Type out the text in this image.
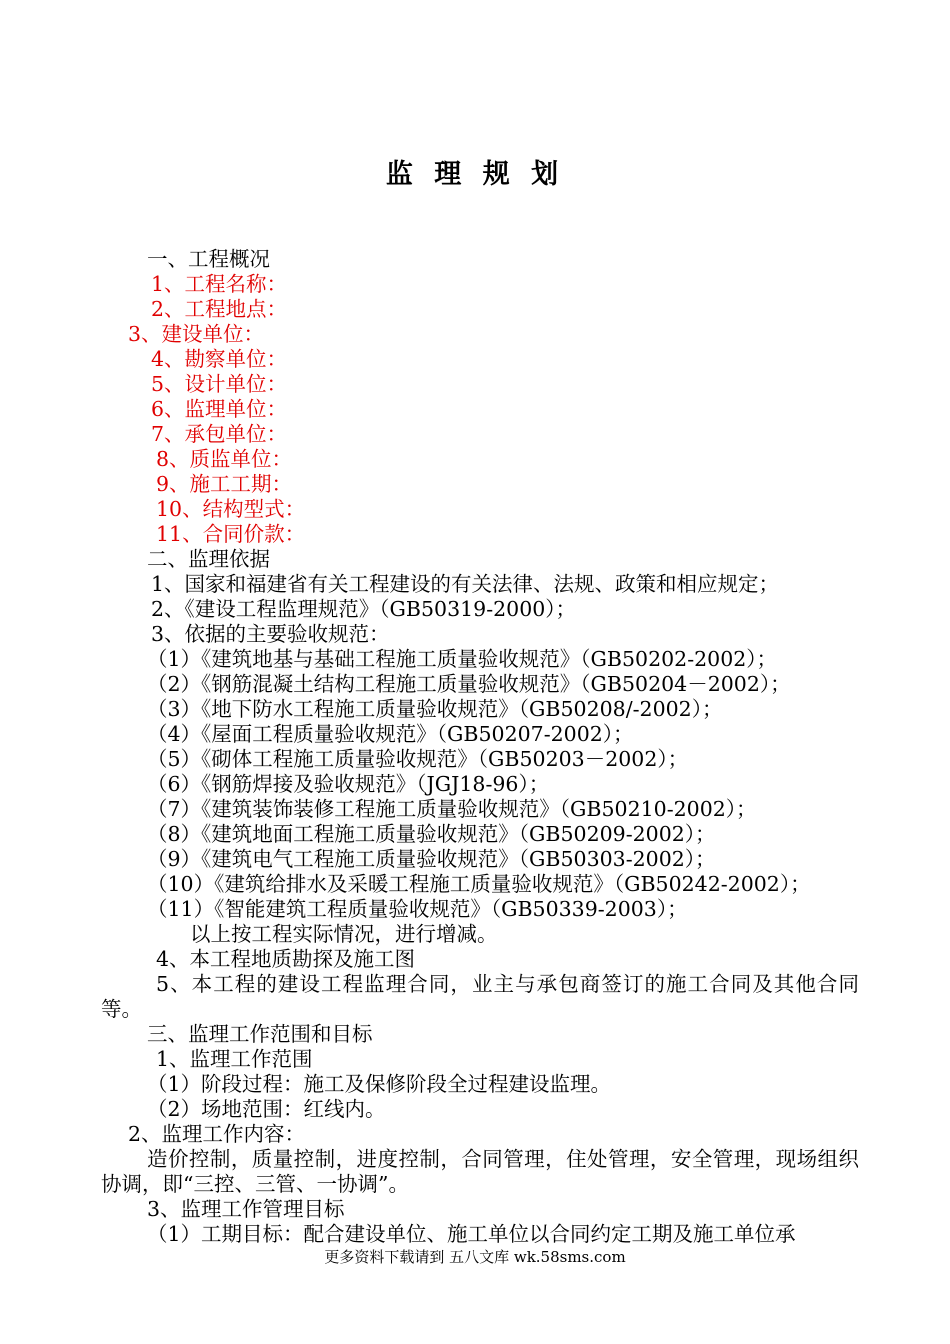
监 理 规 划
一、工程概况
1、工程名称：
2、工程地点：
3、建设单位：
4、勘察单位：
5、设计单位：
6、监理单位：
7、承包单位：
8、质监单位：
9、施工工期：
10、结构型式：
11、合同价款：
二、监理依据
1、国家和福建省有关工程建设的有关法律、法规、政策和相应规定；
2、《建设工程监理规范》（GB50319-2000）；
3、依据的主要验收规范：
（1）《建筑地基与基础工程施工质量验收规范》（GB50202-2002）；
（2）《钢筋混凝土结构工程施工质量验收规范》（GB50204－2002）；
（3）《地下防水工程施工质量验收规范》（GB50208/-2002）；
（4）《屋面工程质量验收规范》（GB50207-2002）；
（5）《砌体工程施工质量验收规范》（GB50203－2002）；
（6）《钢筋焊接及验收规范》（JGJ18-96）；
（7）《建筑装饰装修工程施工质量验收规范》（GB50210-2002）；
（8）《建筑地面工程施工质量验收规范》（GB50209-2002）；
（9）《建筑电气工程施工质量验收规范》（GB50303-2002）；
（10）《建筑给排水及采暖工程施工质量验收规范》（GB50242-2002）；
（11）《智能建筑工程质量验收规范》（GB50339-2003）；
以上按工程实际情况，进行增减。
4、本工程地质勘探及施工图
5、本工程的建设工程监理合同，业主与承包商签订的施工合同及其他合同等。
三、监理工作范围和目标
1、监理工作范围
（1）阶段过程：施工及保修阶段全过程建设监理。
（2）场地范围：红线内。
2、监理工作内容：
造价控制，质量控制，进度控制，合同管理，住处管理，安全管理，现场组织协调，即“三控、三管、一协调”。
3、监理工作管理目标
（1）工期目标：配合建设单位、施工单位以合同约定工期及施工单位承
更多资料下载请到 五八文库 wk.58sms.com
